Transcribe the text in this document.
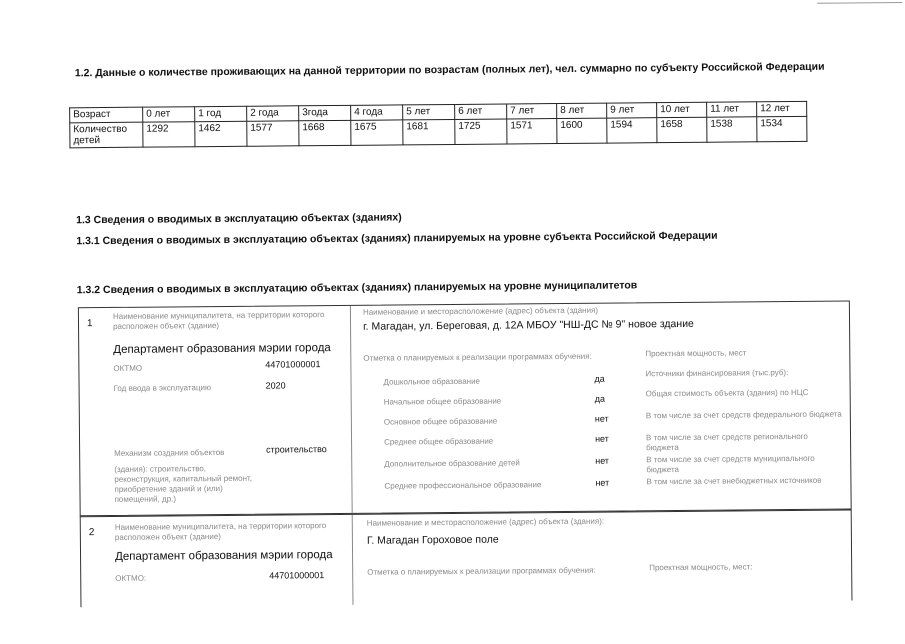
1.2. Данные о количестве проживающих на данной территории по возрастам (полных лет), чел. суммарно по субъекту Российской Федерации
Возраст	0 лет	1 год	2 года	3года	4 года	5 лет	6 лет	7 лет	8 лет	9 лет	10 лет	11 лет	12 лет
Количество детей	1292	1462	1577	1668	1675	1681	1725	1571	1600	1594	1658	1538	1534
1.3 Сведения о вводимых в эксплуатацию объектах (зданиях)
1.3.1 Сведения о вводимых в эксплуатацию объектах (зданиях) планируемых на уровне субъекта Российской Федерации
1.3.2 Сведения о вводимых в эксплуатацию объектах (зданиях) планируемых на уровне муниципалитетов
1
Наименование муниципалитета, на территории которого расположен объект (здание)
Департамент образования мэрии города
ОКТМО	44701000001
Год ввода в эксплуатацию	2020
Механизм создания объектов	строительство
(здания): строительство, реконструкция, капитальный ремонт, приобретение зданий и (или) помещений, др.)
Наименование и месторасположение (адрес) объекта (здания)
г. Магадан, ул. Береговая, д. 12А МБОУ "НШ-ДС № 9" новое здание
Отметка о планируемых к реализации программах обучения:
Дошкольное образование	да
Начальное общее образование	да
Основное общее образование	нет
Среднее общее образование	нет
Дополнительное образование детей	нет
Среднее профессиональное образование	нет
Проектная мощность, мест
Источники финансирования (тыс.руб):
Общая стоимость объекта (здания) по НЦС
В том числе за счет средств федерального бюджета
В том числе за счет средств регионального бюджета
В том числе за счет средств муниципального бюджета
В том числе за счет внебюджетных источников
2
Наименование муниципалитета, на территории которого расположен объект (здание)
Департамент образования мэрии города
ОКТМО:	44701000001
Наименование и месторасположение (адрес) объекта (здания):
Г. Магадан Гороховое поле
Отметка о планируемых к реализации программах обучения:	Проектная мощность, мест:
